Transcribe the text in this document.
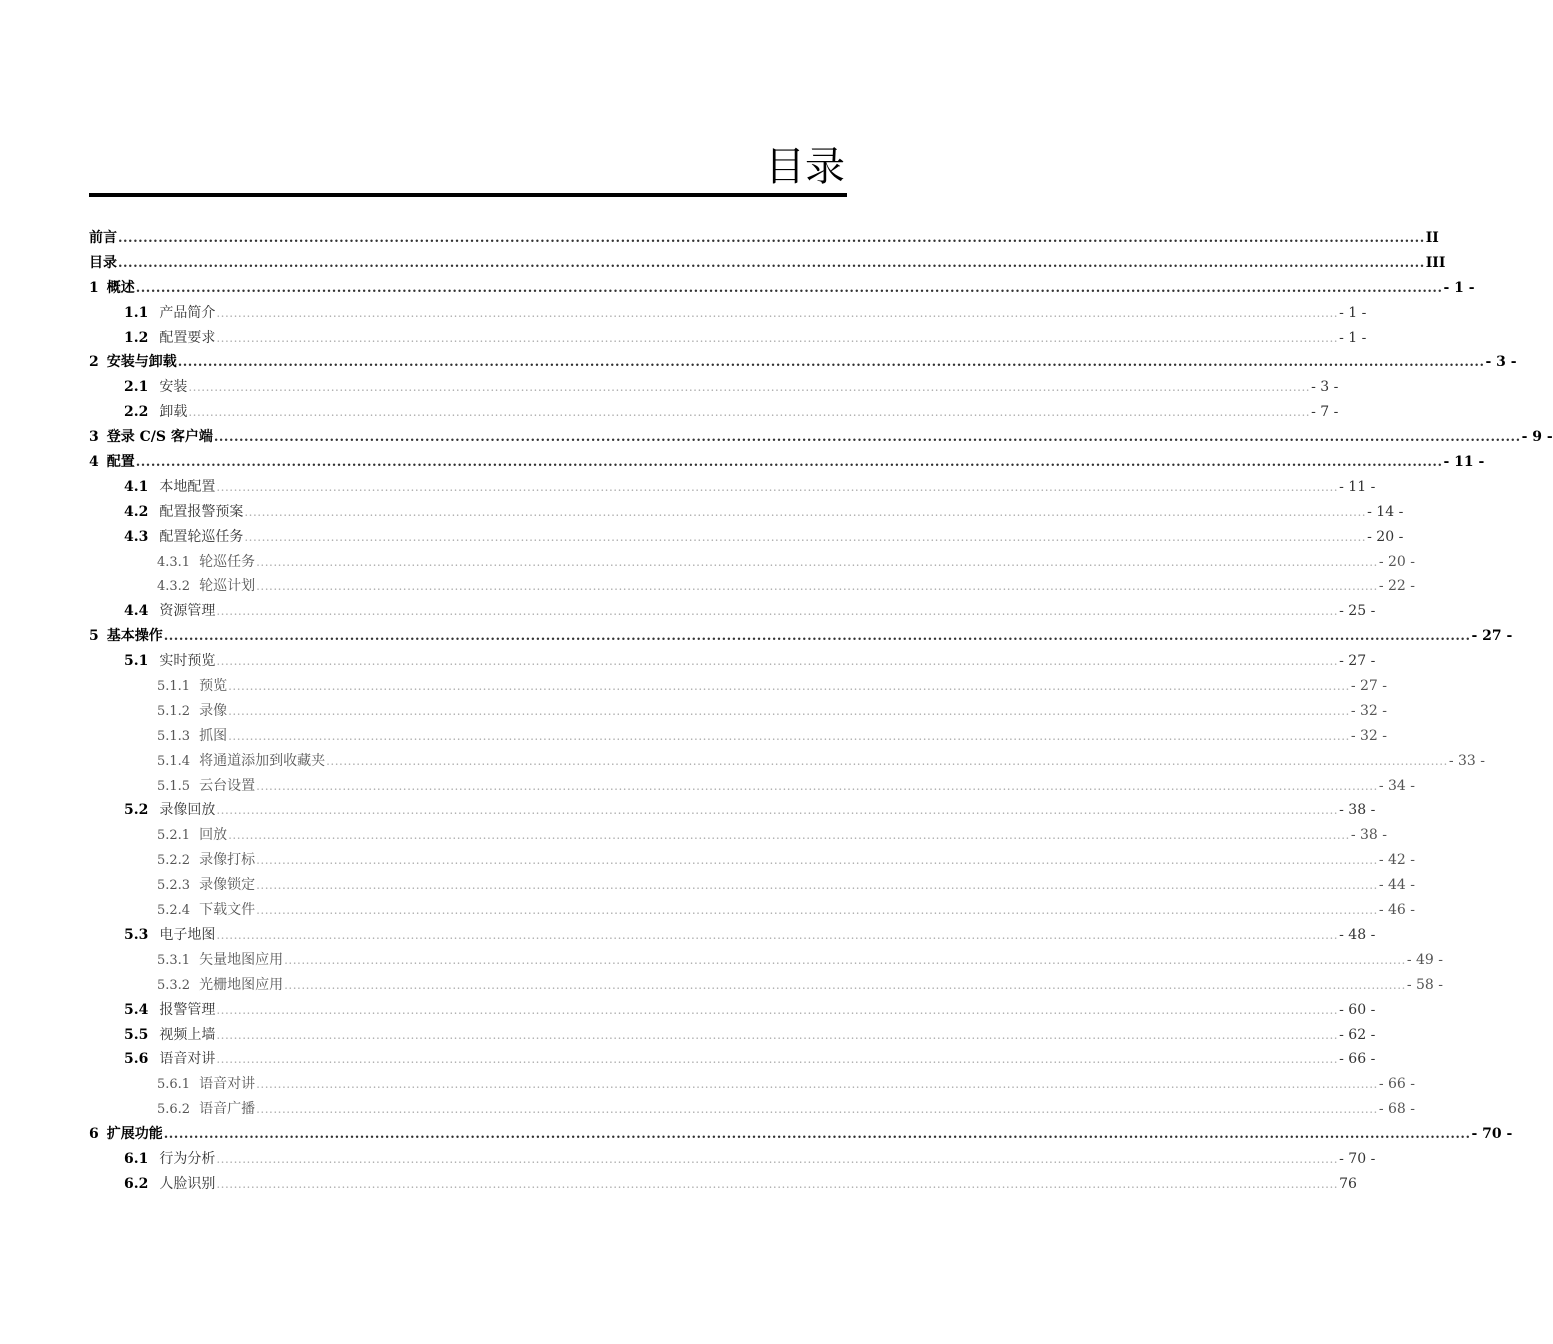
目录
前言 .................................................................................................................................................................................................................................................................... II
目录 .................................................................................................................................................................................................................................................................... III
1 概述 .................................................................................................................................................................................................................................................................... - 1 -
1.1 产品简介 .................................................................................................................................................................................................................................................................... - 1 -
1.2 配置要求 .................................................................................................................................................................................................................................................................... - 1 -
2 安装与卸载 .................................................................................................................................................................................................................................................................... - 3 -
2.1 安装 .................................................................................................................................................................................................................................................................... - 3 -
2.2 卸载 .................................................................................................................................................................................................................................................................... - 7 -
3 登录 C/S 客户端 .................................................................................................................................................................................................................................................................... - 9 -
4 配置 .................................................................................................................................................................................................................................................................... - 11 -
4.1 本地配置 .................................................................................................................................................................................................................................................................... - 11 -
4.2 配置报警预案 .................................................................................................................................................................................................................................................................... - 14 -
4.3 配置轮巡任务 .................................................................................................................................................................................................................................................................... - 20 -
4.3.1 轮巡任务 .................................................................................................................................................................................................................................................................... - 20 -
4.3.2 轮巡计划 .................................................................................................................................................................................................................................................................... - 22 -
4.4 资源管理 .................................................................................................................................................................................................................................................................... - 25 -
5 基本操作 .................................................................................................................................................................................................................................................................... - 27 -
5.1 实时预览 .................................................................................................................................................................................................................................................................... - 27 -
5.1.1 预览 .................................................................................................................................................................................................................................................................... - 27 -
5.1.2 录像 .................................................................................................................................................................................................................................................................... - 32 -
5.1.3 抓图 .................................................................................................................................................................................................................................................................... - 32 -
5.1.4 将通道添加到收藏夹 .................................................................................................................................................................................................................................................................... - 33 -
5.1.5 云台设置 .................................................................................................................................................................................................................................................................... - 34 -
5.2 录像回放 .................................................................................................................................................................................................................................................................... - 38 -
5.2.1 回放 .................................................................................................................................................................................................................................................................... - 38 -
5.2.2 录像打标 .................................................................................................................................................................................................................................................................... - 42 -
5.2.3 录像锁定 .................................................................................................................................................................................................................................................................... - 44 -
5.2.4 下载文件 .................................................................................................................................................................................................................................................................... - 46 -
5.3 电子地图 .................................................................................................................................................................................................................................................................... - 48 -
5.3.1 矢量地图应用 .................................................................................................................................................................................................................................................................... - 49 -
5.3.2 光栅地图应用 .................................................................................................................................................................................................................................................................... - 58 -
5.4 报警管理 .................................................................................................................................................................................................................................................................... - 60 -
5.5 视频上墙 .................................................................................................................................................................................................................................................................... - 62 -
5.6 语音对讲 .................................................................................................................................................................................................................................................................... - 66 -
5.6.1 语音对讲 .................................................................................................................................................................................................................................................................... - 66 -
5.6.2 语音广播 .................................................................................................................................................................................................................................................................... - 68 -
6 扩展功能 .................................................................................................................................................................................................................................................................... - 70 -
6.1 行为分析 .................................................................................................................................................................................................................................................................... - 70 -
6.2 人脸识别 .................................................................................................................................................................................................................................................................... 76
